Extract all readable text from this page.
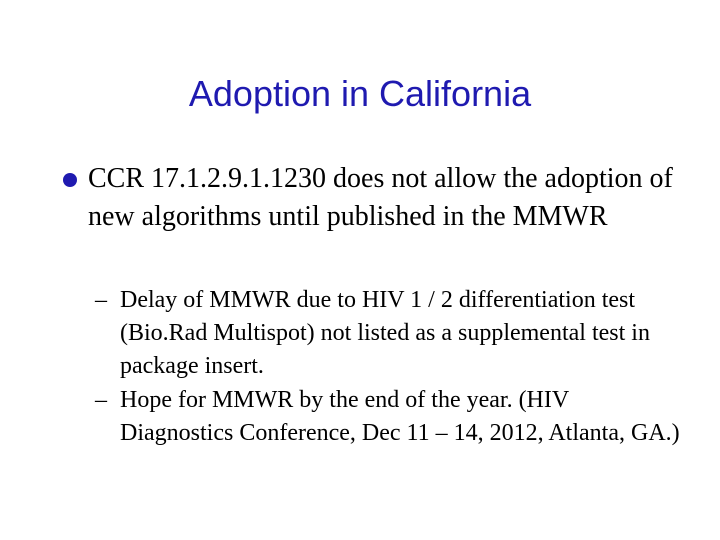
Adoption in California
CCR 17.1.2.9.1.1230 does not allow the adoption of new algorithms until published in the MMWR
– Delay of MMWR due to HIV 1 / 2 differentiation test (Bio.Rad Multispot) not listed as a supplemental test in package insert.
– Hope for MMWR by the end of the year. (HIV Diagnostics Conference, Dec 11 – 14, 2012, Atlanta, GA.)
